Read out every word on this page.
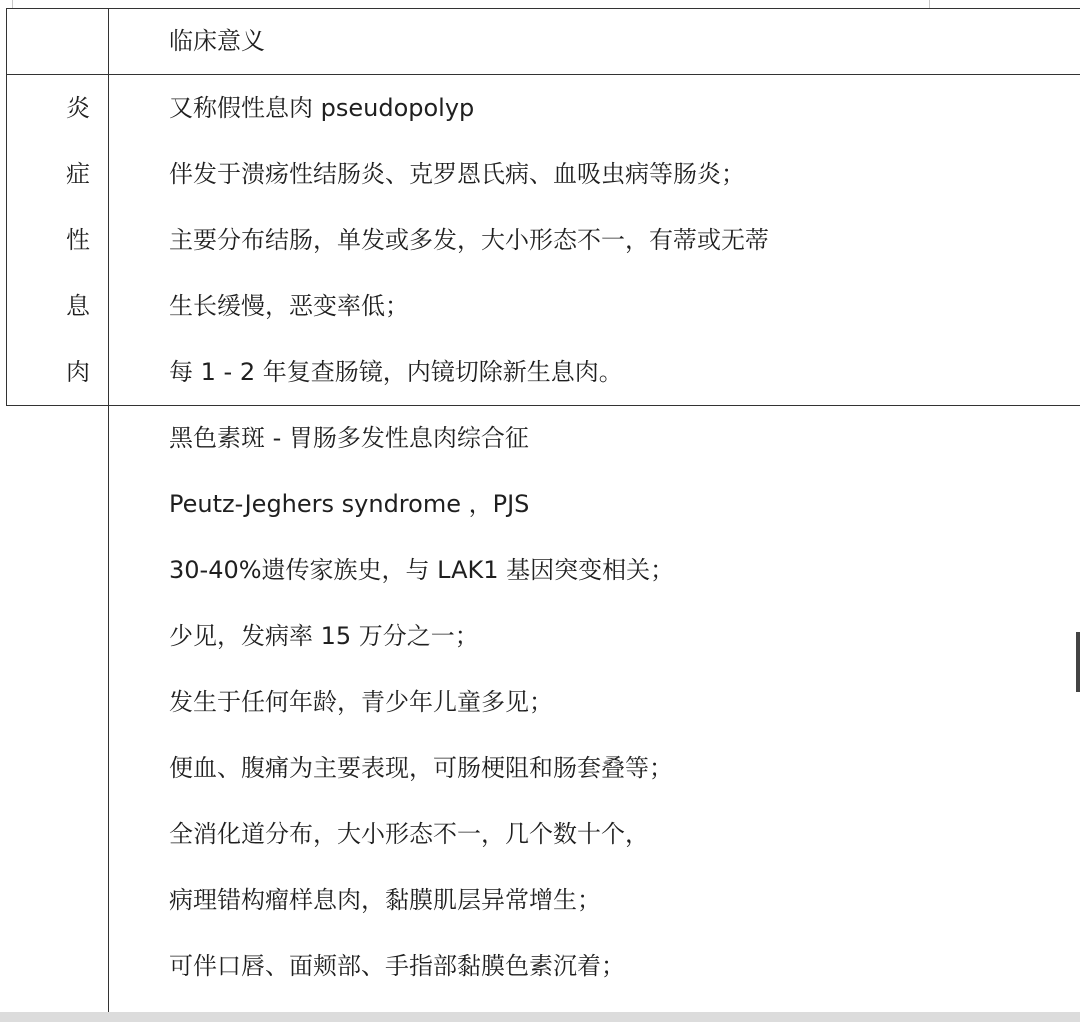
临床意义
炎
症
性
息
肉
又称假性息肉 pseudopolyp
伴发于溃疡性结肠炎、克罗恩氏病、血吸虫病等肠炎；
主要分布结肠，单发或多发，大小形态不一，有蒂或无蒂
生长缓慢，恶变率低；
每 1 - 2 年复查肠镜，内镜切除新生息肉。
黑色素斑 - 胃肠多发性息肉综合征
Peutz-Jeghers syndrome ，PJS
30-40%遗传家族史，与 LAK1 基因突变相关；
少见，发病率 15 万分之一；
发生于任何年龄，青少年儿童多见；
便血、腹痛为主要表现，可肠梗阻和肠套叠等；
全消化道分布，大小形态不一，几个数十个，
病理错构瘤样息肉，黏膜肌层异常增生；
可伴口唇、面颊部、手指部黏膜色素沉着；
